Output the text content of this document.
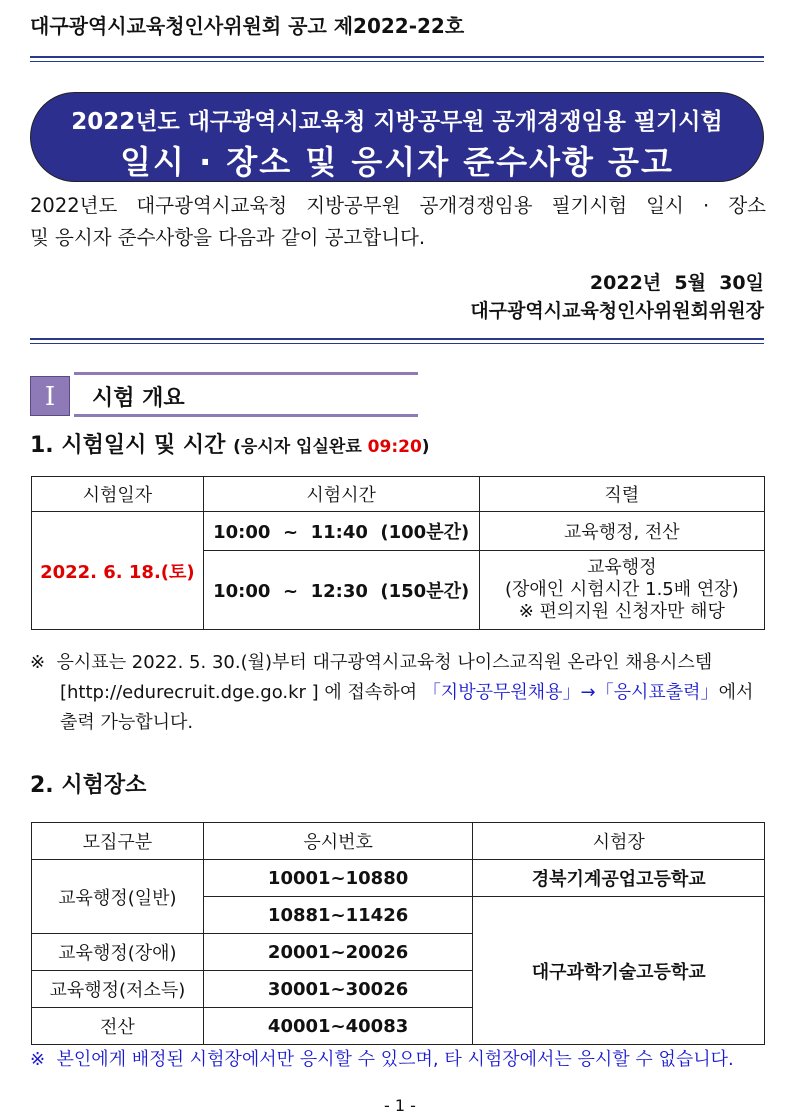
대구광역시교육청인사위원회 공고 제2022-22호
2022년도 대구광역시교육청 지방공무원 공개경쟁임용 필기시험
일시 · 장소 및 응시자 준수사항 공고
2022년도 대구광역시교육청 지방공무원 공개경쟁임용 필기시험 일시 · 장소
및 응시자 준수사항을 다음과 같이 공고합니다.
2022년  5월  30일
대구광역시교육청인사위원회위원장
Ⅰ	시험 개요
1. 시험일시 및 시간 (응시자 입실완료 09:20)
시험일자	시험시간	직렬
2022. 6. 18.(토)	10:00  ~  11:40  (100분간)	교육행정, 전산
	10:00  ~  12:30  (150분간)	교육행정
(장애인 시험시간 1.5배 연장)
※ 편의지원 신청자만 해당
※  응시표는 2022. 5. 30.(월)부터 대구광역시교육청 나이스교직원 온라인 채용시스템
[http://edurecruit.dge.go.kr ] 에 접속하여 「지방공무원채용」→「응시표출력」에서
출력 가능합니다.
2. 시험장소
모집구분	응시번호	시험장
교육행정(일반)	10001~10880	경북기계공업고등학교
	10881~11426	대구과학기술고등학교
교육행정(장애)	20001~20026	
교육행정(저소득)	30001~30026	
전산	40001~40083	
※  본인에게 배정된 시험장에서만 응시할 수 있으며, 타 시험장에서는 응시할 수 없습니다.
- 1 -
